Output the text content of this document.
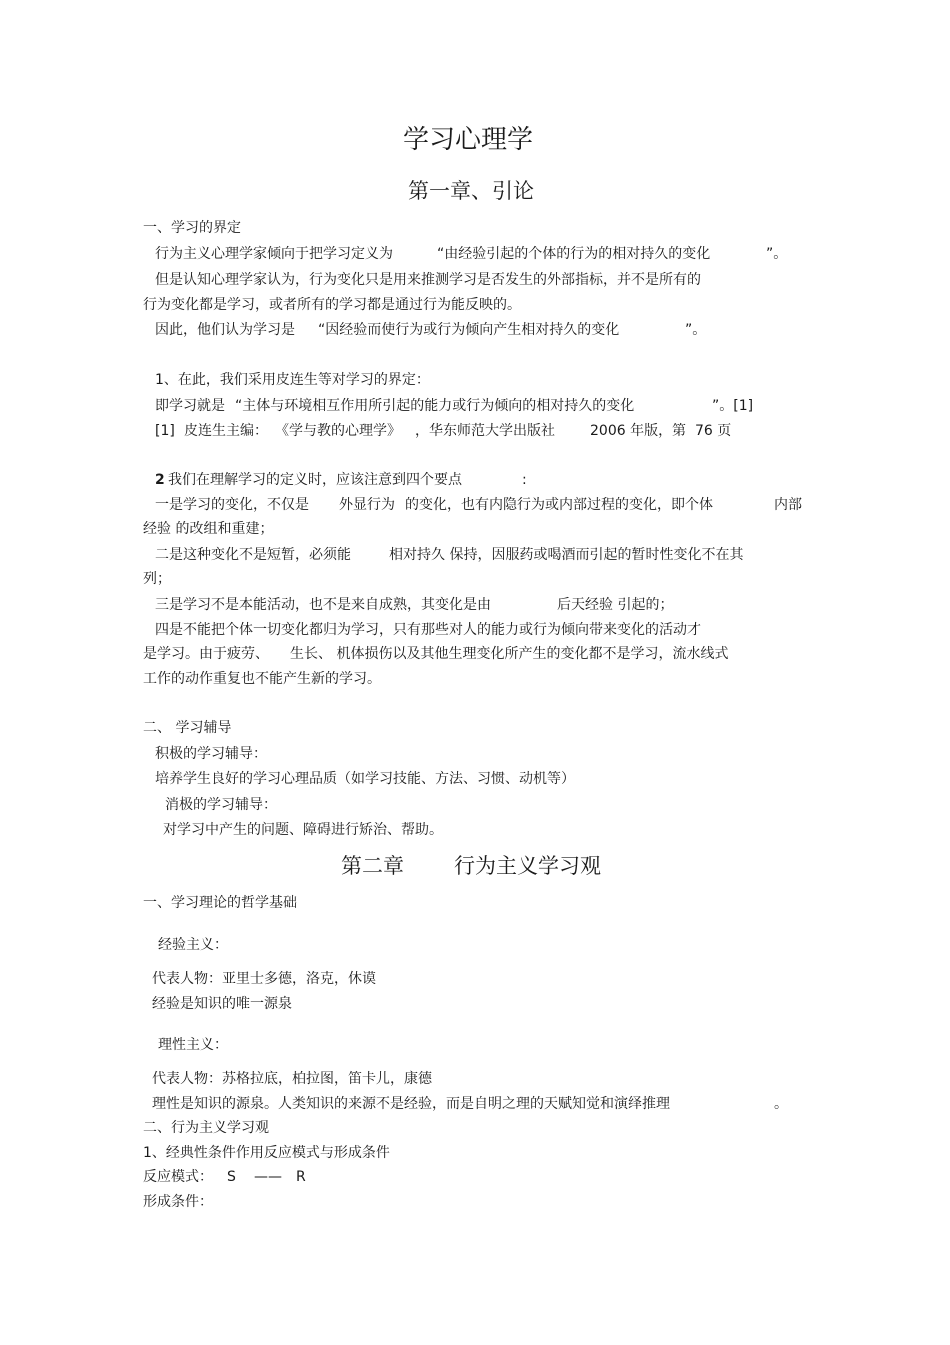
学习心理学
第一章、引论
一、学习的界定
行为主义心理学家倾向于把学习定义为	“由经验引起的个体的行为的相对持久的变化	”。
但是认知心理学家认为，行为变化只是用来推测学习是否发生的外部指标，并不是所有的
行为变化都是学习，或者所有的学习都是通过行为能反映的。
因此，他们认为学习是 “因经验而使行为或行为倾向产生相对持久的变化	”。
1、在此，我们采用皮连生等对学习的界定：
即学习就是 “主体与环境相互作用所引起的能力或行为倾向的相对持久的变化	”。[1]
[1] 皮连生主编： 《学与教的心理学》 ，华东师范大学出版社	2006 年版， 第 76 页
2 我们在理解学习的定义时，应该注意到四个要点	:
一是学习的变化，不仅是 外显行为 的变化，也有内隐行为或内部过程的变化，即个体	内部
经验 的改组和重建；
二是这种变化不是短暂，必须能	相对持久 保持，因服药或喝酒而引起的暂时性变化不在其
列；
三是学习不是本能活动，也不是来自成熟，其变化是由	后天经验 引起的；
四是不能把个体一切变化都归为学习，只有那些对人的能力或行为倾向带来变化的活动才
是学习。由于疲劳、 生长、 机体损伤以及其他生理变化所产生的变化都不是学习，流水线式
工作的动作重复也不能产生新的学习。
二、 学习辅导
积极的学习辅导：
培养学生良好的学习心理品质（如学习技能、方法、习惯、动机等）
消极的学习辅导：
对学习中产生的问题、障碍进行矫治、帮助。
第二章 行为主义学习观
一、学习理论的哲学基础
经验主义：
代表人物：亚里士多德，洛克，休谟
经验是知识的唯一源泉
理性主义：
代表人物：苏格拉底，柏拉图，笛卡儿，康德
理性是知识的源泉。人类知识的来源不是经验，而是自明之理的天赋知觉和演绎推理	。
二、行为主义学习观
1、经典性条件作用反应模式与形成条件
反应模式： S —— R
形成条件：
